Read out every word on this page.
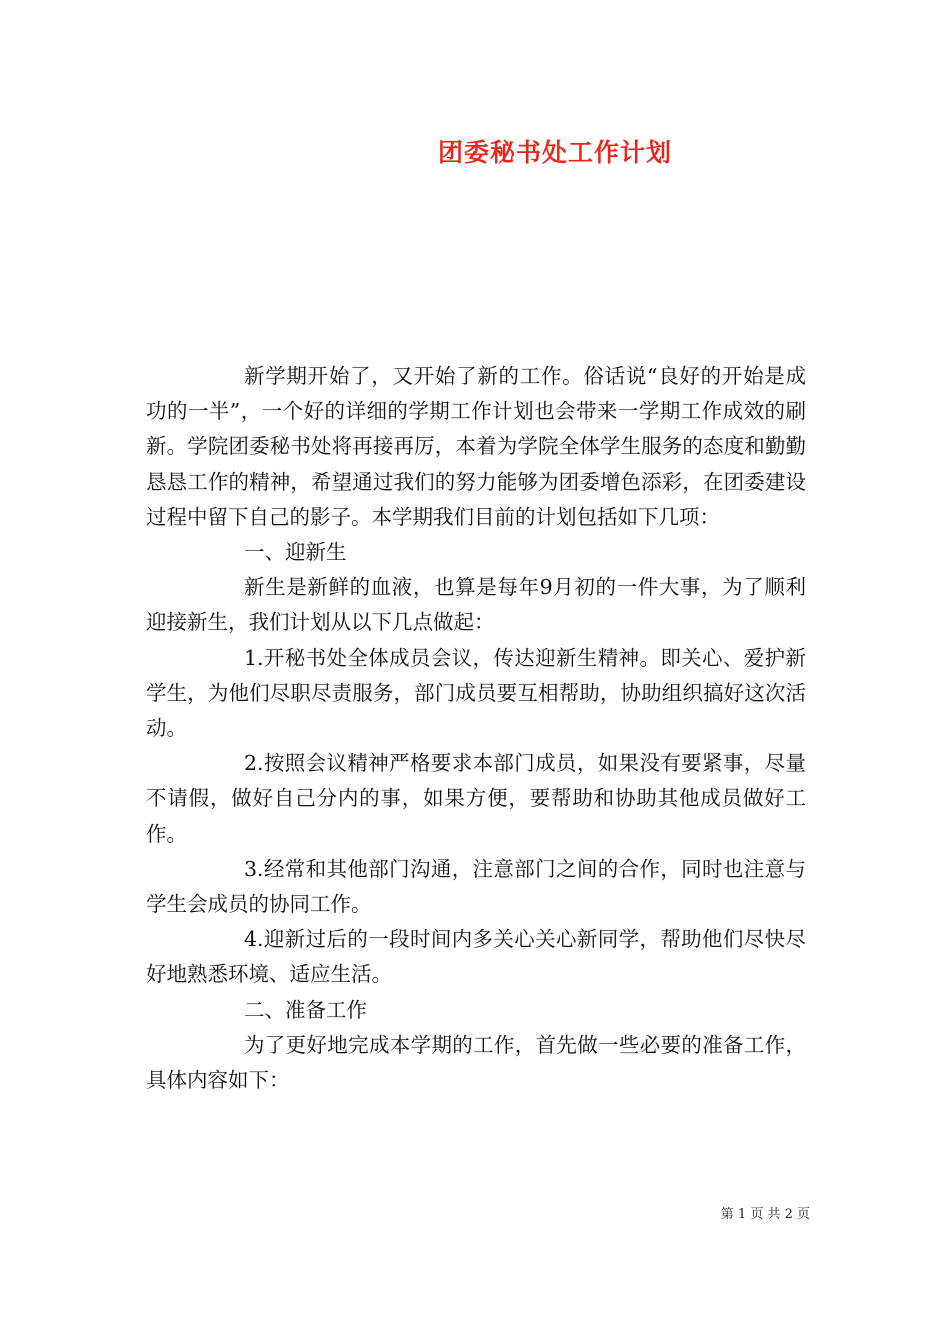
团委秘书处工作计划

新学期开始了，又开始了新的工作。俗话说“良好的开始是成功的一半”，一个好的详细的学期工作计划也会带来一学期工作成效的刷新。学院团委秘书处将再接再厉，本着为学院全体学生服务的态度和勤勤恳恳工作的精神，希望通过我们的努力能够为团委增色添彩，在团委建设过程中留下自己的影子。本学期我们目前的计划包括如下几项：

一、迎新生

新生是新鲜的血液，也算是每年9月初的一件大事，为了顺利迎接新生，我们计划从以下几点做起：

1.开秘书处全体成员会议，传达迎新生精神。即关心、爱护新学生，为他们尽职尽责服务，部门成员要互相帮助，协助组织搞好这次活动。

2.按照会议精神严格要求本部门成员，如果没有要紧事，尽量不请假，做好自己分内的事，如果方便，要帮助和协助其他成员做好工作。

3.经常和其他部门沟通，注意部门之间的合作，同时也注意与学生会成员的协同工作。

4.迎新过后的一段时间内多关心关心新同学，帮助他们尽快尽好地熟悉环境、适应生活。

二、准备工作

为了更好地完成本学期的工作，首先做一些必要的准备工作，具体内容如下：

第 1 页 共 2 页
